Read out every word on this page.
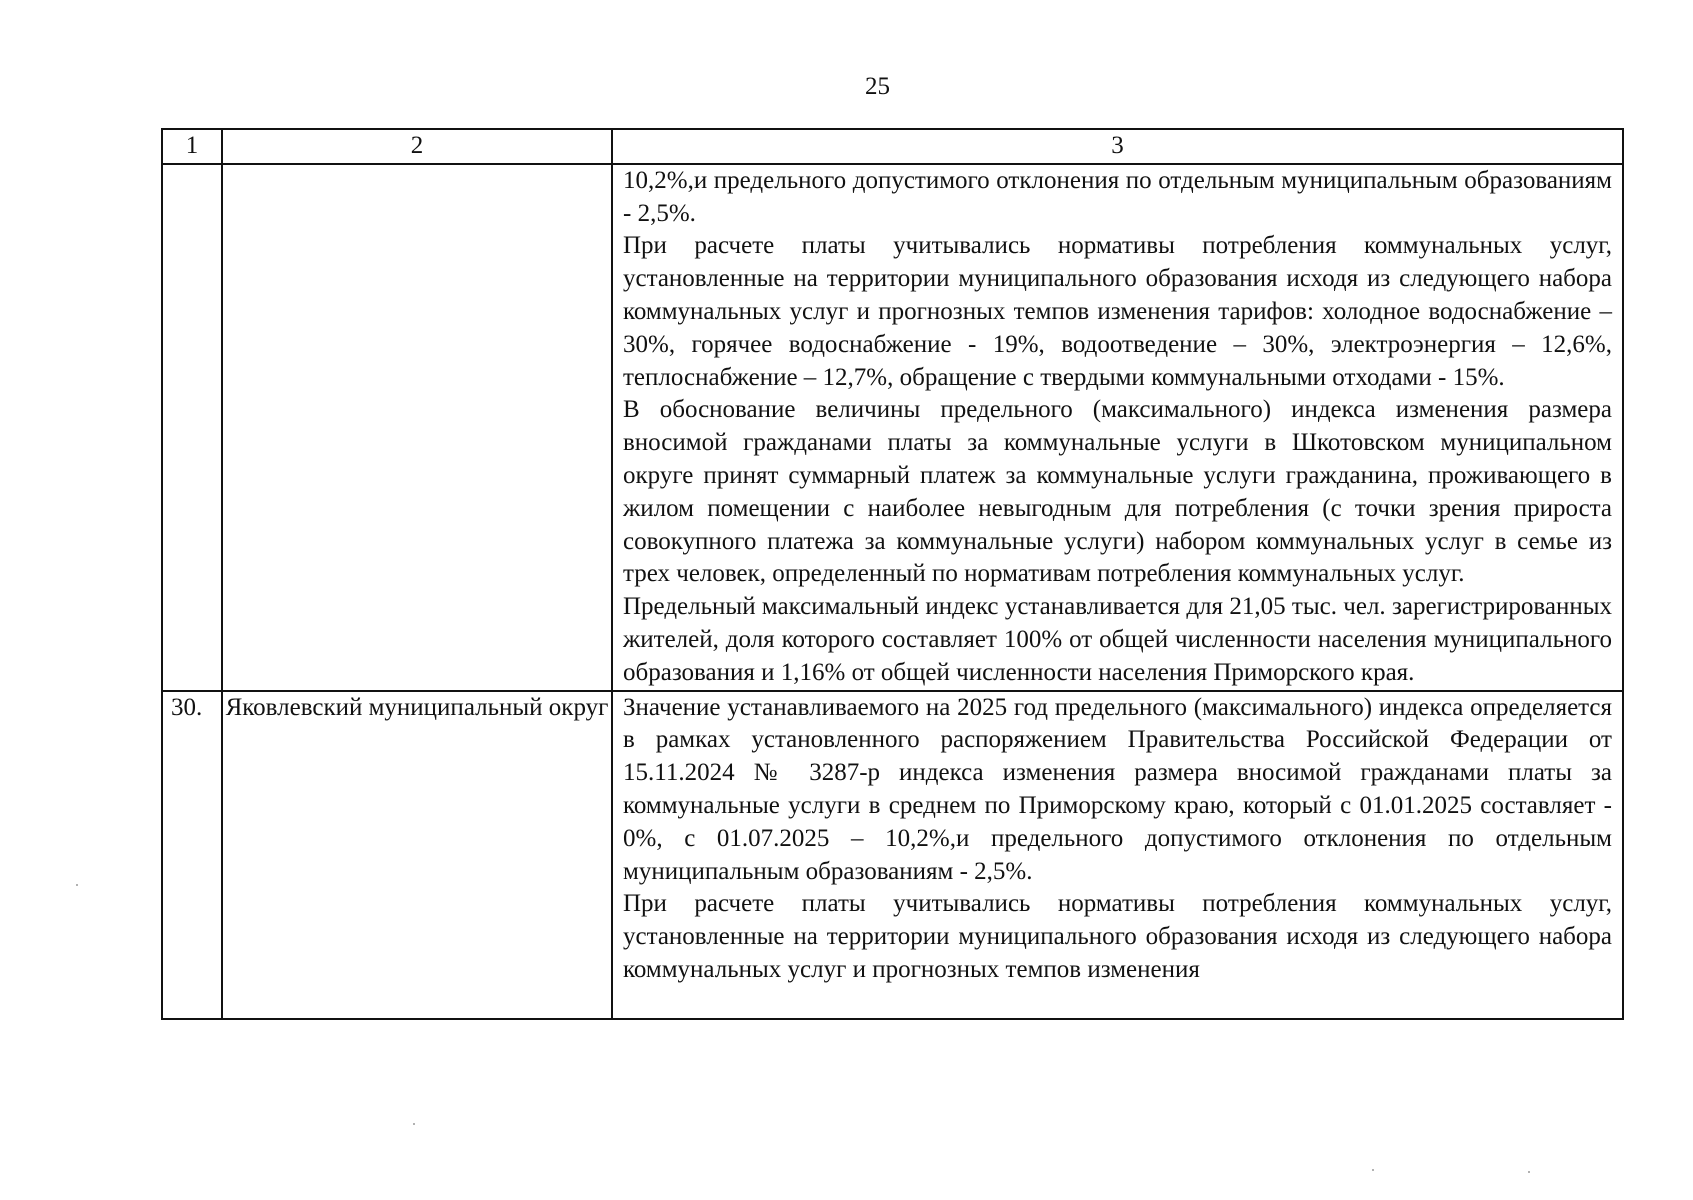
25
1	2	3

		10,2%,и предельного допустимого отклонения по отдельным муниципальным образованиям - 2,5%.

При расчете платы учитывались нормативы потребления коммунальных услуг, установленные на территории муниципального образования исходя из следующего набора коммунальных услуг и прогнозных темпов изменения тарифов: холодное водоснабжение – 30%, горячее водоснабжение - 19%, водоотведение – 30%, электроэнергия – 12,6%, теплоснабжение – 12,7%, обращение с твердыми коммунальными отходами - 15%.

В обоснование величины предельного (максимального) индекса изменения размера вносимой гражданами платы за коммунальные услуги в Шкотовском муниципальном округе принят суммарный платеж за коммунальные услуги гражданина, проживающего в жилом помещении с наиболее невыгодным для потребления (с точки зрения прироста совокупного платежа за коммунальные услуги) набором коммунальных услуг в семье из трех человек, определенный по нормативам потребления коммунальных услуг.

Предельный максимальный индекс устанавливается для 21,05 тыс. чел. зарегистрированных жителей, доля которого составляет 100% от общей численности населения муниципального образования и 1,16% от общей численности населения Приморского края.

30.	Яковлевский муниципальный округ	Значение устанавливаемого на 2025 год предельного (максимального) индекса определяется в рамках установленного распоряжением Правительства Российской Федерации от 15.11.2024 № 3287-р индекса изменения размера вносимой гражданами платы за коммунальные услуги в среднем по Приморскому краю, который с 01.01.2025 составляет - 0%, с 01.07.2025 – 10,2%,и предельного допустимого отклонения по отдельным муниципальным образованиям - 2,5%.

При расчете платы учитывались нормативы потребления коммунальных услуг, установленные на территории муниципального образования исходя из следующего набора коммунальных услуг и прогнозных темпов изменения
